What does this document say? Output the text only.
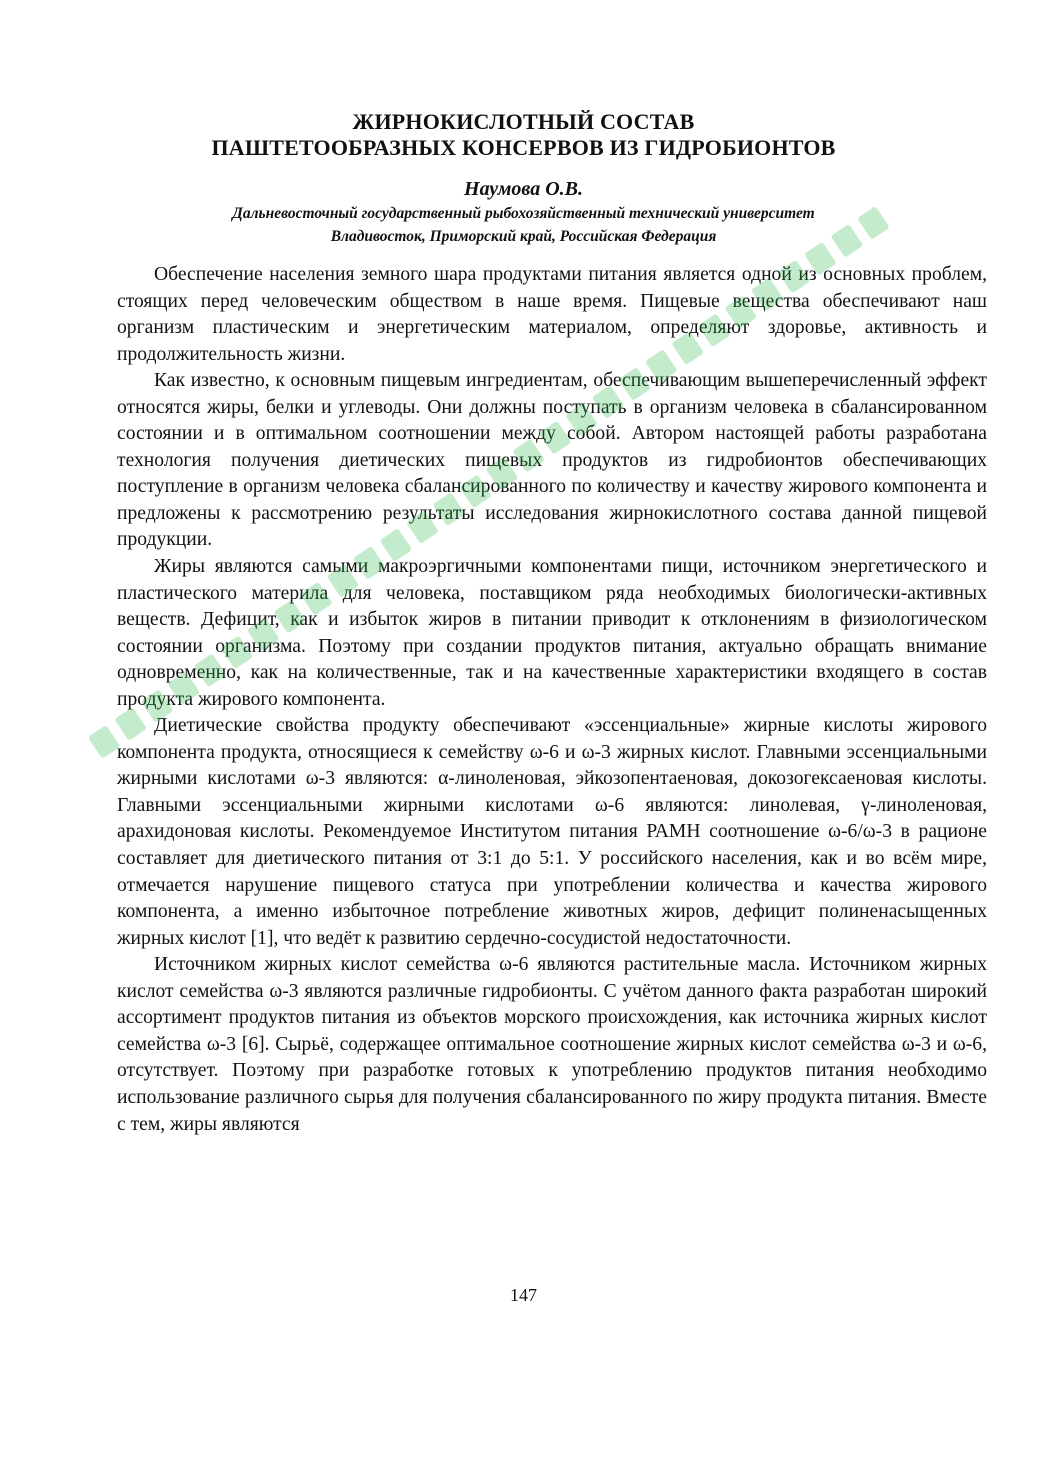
ЖИРНОКИСЛОТНЫЙ СОСТАВ
ПАШТЕТООБРАЗНЫХ КОНСЕРВОВ ИЗ ГИДРОБИОНТОВ
Наумова О.В.
Дальневосточный государственный рыбохозяйственный технический университет
Владивосток, Приморский край, Российская Федерация

Обеспечение населения земного шара продуктами питания является одной из основных проблем, стоящих перед человеческим обществом в наше время. Пищевые вещества обеспечивают наш организм пластическим и энергетическим материалом, определяют здоровье, активность и продолжительность жизни.

Как известно, к основным пищевым ингредиентам, обеспечивающим вышеперечисленный эффект относятся жиры, белки и углеводы. Они должны поступать в организм человека в сбалансированном состоянии и в оптимальном соотношении между собой. Автором настоящей работы разработана технология получения диетических пищевых продуктов из гидробионтов обеспечивающих поступление в организм человека сбалансированного по количеству и качеству жирового компонента и предложены к рассмотрению результаты исследования жирнокислотного состава данной пищевой продукции.

Жиры являются самыми макроэргичными компонентами пищи, источником энергетического и пластического материла для человека, поставщиком ряда необходимых биологически-активных веществ. Дефицит, как и избыток жиров в питании приводит к отклонениям в физиологическом состоянии организма. Поэтому при создании продуктов питания, актуально обращать внимание одновременно, как на количественные, так и на качественные характеристики входящего в состав продукта жирового компонента.

Диетические свойства продукту обеспечивают «эссенциальные» жирные кислоты жирового компонента продукта, относящиеся к семейству ω-6 и ω-3 жирных кислот. Главными эссенциальными жирными кислотами ω-3 являются: α-линоленовая, эйкозопентаеновая, докозогексаеновая кислоты. Главными эссенциальными жирными кислотами ω-6 являются: линолевая, γ-линоленовая, арахидоновая кислоты. Рекомендуемое Институтом питания РАМН соотношение ω-6/ω-3 в рационе составляет для диетического питания от 3:1 до 5:1. У российского населения, как и во всём мире, отмечается нарушение пищевого статуса при употреблении количества и качества жирового компонента, а именно избыточное потребление животных жиров, дефицит полиненасыщенных жирных кислот [1], что ведёт к развитию сердечно-сосудистой недостаточности.

Источником жирных кислот семейства ω-6 являются растительные масла. Источником жирных кислот семейства ω-3 являются различные гидробионты. С учётом данного факта разработан широкий ассортимент продуктов питания из объектов морского происхождения, как источника жирных кислот семейства ω-3 [6]. Сырьё, содержащее оптимальное соотношение жирных кислот семейства ω-3 и ω-6, отсутствует. Поэтому при разработке готовых к употреблению продуктов питания необходимо использование различного сырья для получения сбалансированного по жиру продукта питания. Вместе с тем, жиры являются

147
